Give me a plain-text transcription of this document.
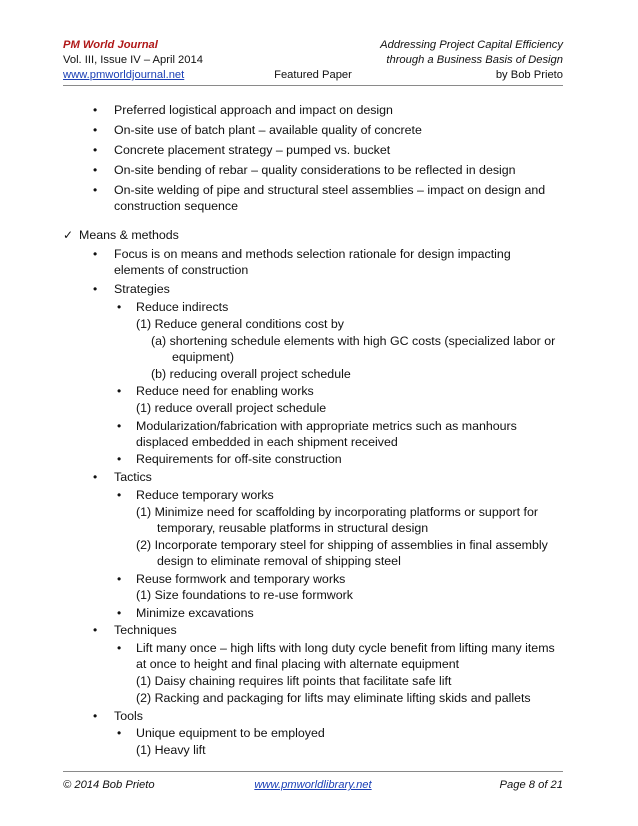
PM World Journal	Addressing Project Capital Efficiency
Vol. III, Issue IV – April 2014	through a Business Basis of Design
www.pmworldjournal.net	Featured Paper	by Bob Prieto
• Preferred logistical approach and impact on design
• On-site use of batch plant – available quality of concrete
• Concrete placement strategy – pumped vs. bucket
• On-site bending of rebar – quality considerations to be reflected in design
• On-site welding of pipe and structural steel assemblies – impact on design and
construction sequence
✓ Means & methods
• Focus is on means and methods selection rationale for design impacting
elements of construction
• Strategies
• Reduce indirects
(1) Reduce general conditions cost by
(a) shortening schedule elements with high GC costs (specialized labor or
equipment)
(b) reducing overall project schedule
• Reduce need for enabling works
(1) reduce overall project schedule
• Modularization/fabrication with appropriate metrics such as manhours
displaced embedded in each shipment received
• Requirements for off-site construction
• Tactics
• Reduce temporary works
(1) Minimize need for scaffolding by incorporating platforms or support for
temporary, reusable platforms in structural design
(2) Incorporate temporary steel for shipping of assemblies in final assembly
design to eliminate removal of shipping steel
• Reuse formwork and temporary works
(1) Size foundations to re-use formwork
• Minimize excavations
• Techniques
• Lift many once – high lifts with long duty cycle benefit from lifting many items
at once to height and final placing with alternate equipment
(1) Daisy chaining requires lift points that facilitate safe lift
(2) Racking and packaging for lifts may eliminate lifting skids and pallets
• Tools
• Unique equipment to be employed
(1) Heavy lift
© 2014 Bob Prieto	www.pmworldlibrary.net	Page 8 of 21
